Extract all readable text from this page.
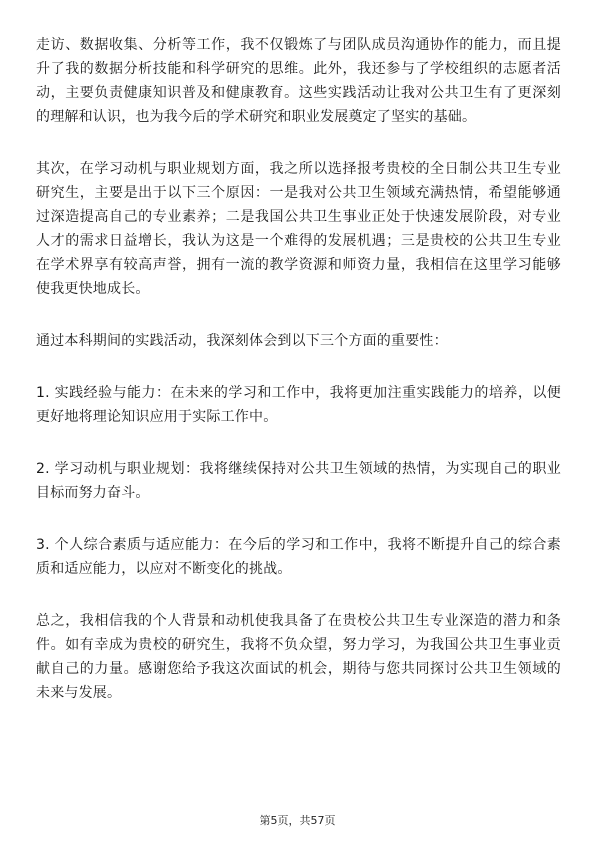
走访、数据收集、分析等工作，我不仅锻炼了与团队成员沟通协作的能力，而且提升了我的数据分析技能和科学研究的思维。此外，我还参与了学校组织的志愿者活动，主要负责健康知识普及和健康教育。这些实践活动让我对公共卫生有了更深刻的理解和认识，也为我今后的学术研究和职业发展奠定了坚实的基础。

其次，在学习动机与职业规划方面，我之所以选择报考贵校的全日制公共卫生专业研究生，主要是出于以下三个原因：一是我对公共卫生领域充满热情，希望能够通过深造提高自己的专业素养；二是我国公共卫生事业正处于快速发展阶段，对专业人才的需求日益增长，我认为这是一个难得的发展机遇；三是贵校的公共卫生专业在学术界享有较高声誉，拥有一流的教学资源和师资力量，我相信在这里学习能够使我更快地成长。

通过本科期间的实践活动，我深刻体会到以下三个方面的重要性：

1. 实践经验与能力：在未来的学习和工作中，我将更加注重实践能力的培养，以便更好地将理论知识应用于实际工作中。

2. 学习动机与职业规划：我将继续保持对公共卫生领域的热情，为实现自己的职业目标而努力奋斗。

3. 个人综合素质与适应能力：在今后的学习和工作中，我将不断提升自己的综合素质和适应能力，以应对不断变化的挑战。

总之，我相信我的个人背景和动机使我具备了在贵校公共卫生专业深造的潜力和条件。如有幸成为贵校的研究生，我将不负众望，努力学习，为我国公共卫生事业贡献自己的力量。感谢您给予我这次面试的机会，期待与您共同探讨公共卫生领域的未来与发展。

第5页，共57页
